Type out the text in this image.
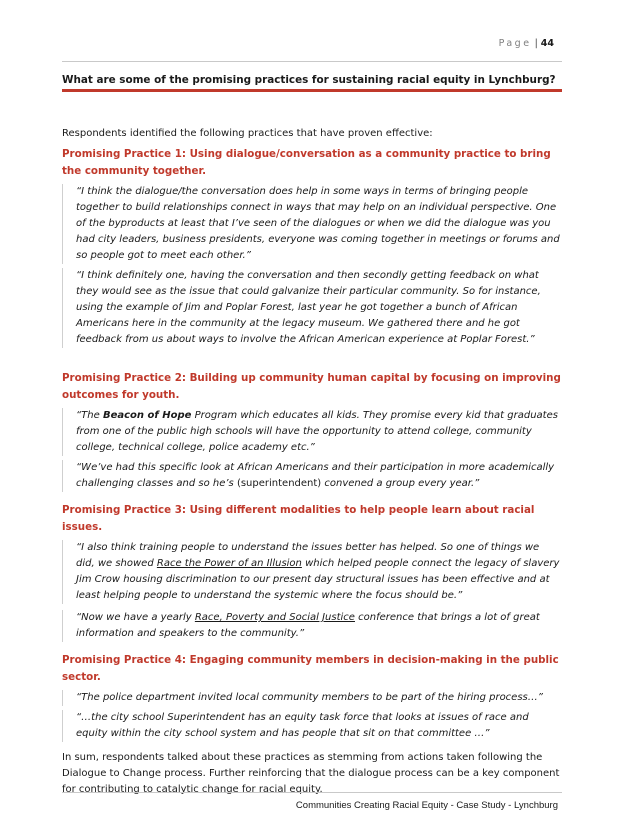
Page | 44
What are some of the promising practices for sustaining racial equity in Lynchburg?

Respondents identified the following practices that have proven effective:

Promising Practice 1: Using dialogue/conversation as a community practice to bring the community together.

“I think the dialogue/the conversation does help in some ways in terms of bringing people together to build relationships connect in ways that may help on an individual perspective. One of the byproducts at least that I’ve seen of the dialogues or when we did the dialogue was you had city leaders, business presidents, everyone was coming together in meetings or forums and so people got to meet each other.”

“I think definitely one, having the conversation and then secondly getting feedback on what they would see as the issue that could galvanize their particular community. So for instance, using the example of Jim and Poplar Forest, last year he got together a bunch of African Americans here in the community at the legacy museum. We gathered there and he got feedback from us about ways to involve the African American experience at Poplar Forest.”

Promising Practice 2: Building up community human capital by focusing on improving outcomes for youth.

“The Beacon of Hope Program which educates all kids. They promise every kid that graduates from one of the public high schools will have the opportunity to attend college, community college, technical college, police academy etc.”

“We’ve had this specific look at African Americans and their participation in more academically challenging classes and so he’s (superintendent) convened a group every year.”

Promising Practice 3: Using different modalities to help people learn about racial issues.

“I also think training people to understand the issues better has helped. So one of things we did, we showed Race the Power of an Illusion which helped people connect the legacy of slavery Jim Crow housing discrimination to our present day structural issues has been effective and at least helping people to understand the systemic where the focus should be.”

“Now we have a yearly Race, Poverty and Social Justice conference that brings a lot of great information and speakers to the community.”

Promising Practice 4: Engaging community members in decision-making in the public sector.

“The police department invited local community members to be part of the hiring process…”

“…the city school Superintendent has an equity task force that looks at issues of race and equity within the city school system and has people that sit on that committee …”

In sum, respondents talked about these practices as stemming from actions taken following the Dialogue to Change process. Further reinforcing that the dialogue process can be a key component for contributing to catalytic change for racial equity.

Communities Creating Racial Equity - Case Study - Lynchburg
